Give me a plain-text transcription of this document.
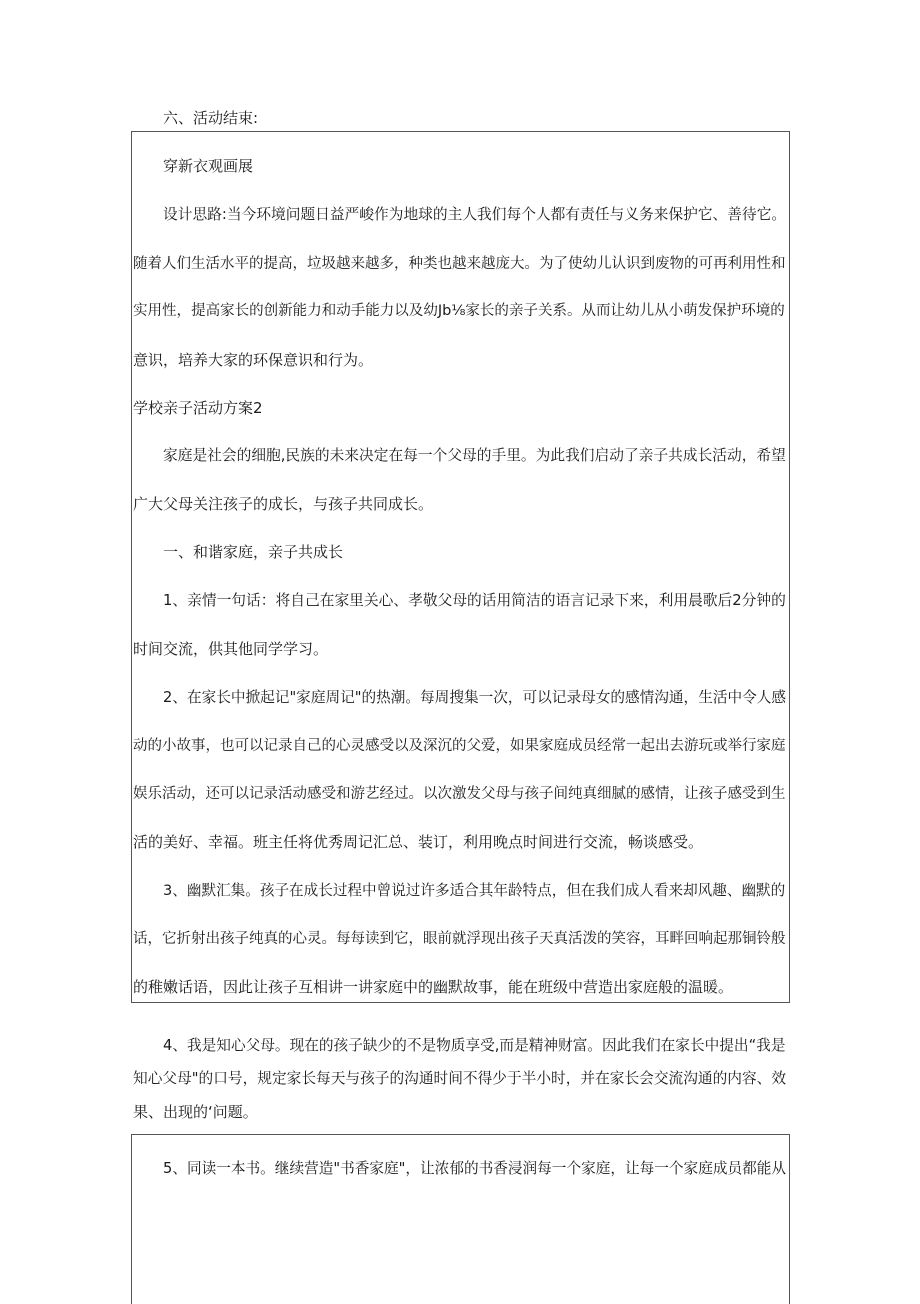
六、活动结束:

穿新衣观画展

设计思路:当今环境问题日益严峻作为地球的主人我们每个人都有责任与义务来保护它、善待它。

随着人们生活水平的提高，垃圾越来越多，种类也越来越庞大。为了使幼儿认识到废物的可再利用性和

实用性，提高家长的创新能力和动手能力以及幼Jb⅛家长的亲子关系。从而让幼儿从小萌发保护环境的

意识，培养大家的环保意识和行为。

学校亲子活动方案2

家庭是社会的细胞,民族的未来决定在每一个父母的手里。为此我们启动了亲子共成长活动，希望

广大父母关注孩子的成长，与孩子共同成长。

一、和谐家庭，亲子共成长

1、亲情一句话：将自己在家里关心、孝敬父母的话用简洁的语言记录下来，利用晨歌后2分钟的

时间交流，供其他同学学习。

2、在家长中掀起记"家庭周记"的热潮。每周搜集一次，可以记录母女的感情沟通，生活中令人感

动的小故事，也可以记录自己的心灵感受以及深沉的父爱，如果家庭成员经常一起出去游玩或举行家庭

娱乐活动，还可以记录活动感受和游艺经过。以次激发父母与孩子间纯真细腻的感情，让孩子感受到生

活的美好、幸福。班主任将优秀周记汇总、装订，利用晚点时间进行交流，畅谈感受。

3、幽默汇集。孩子在成长过程中曾说过许多适合其年龄特点，但在我们成人看来却风趣、幽默的

话，它折射出孩子纯真的心灵。每每读到它，眼前就浮现出孩子天真活泼的笑容，耳畔回响起那铜铃般

的稚嫩话语，因此让孩子互相讲一讲家庭中的幽默故事，能在班级中营造出家庭般的温暖。

4、我是知心父母。现在的孩子缺少的不是物质享受,而是精神财富。因此我们在家长中提出“我是

知心父母"的口号，规定家长每天与孩子的沟通时间不得少于半小时，并在家长会交流沟通的内容、效

果、出现的‘问题。

5、同读一本书。继续营造"书香家庭"，让浓郁的书香浸润每一个家庭，让每一个家庭成员都能从
